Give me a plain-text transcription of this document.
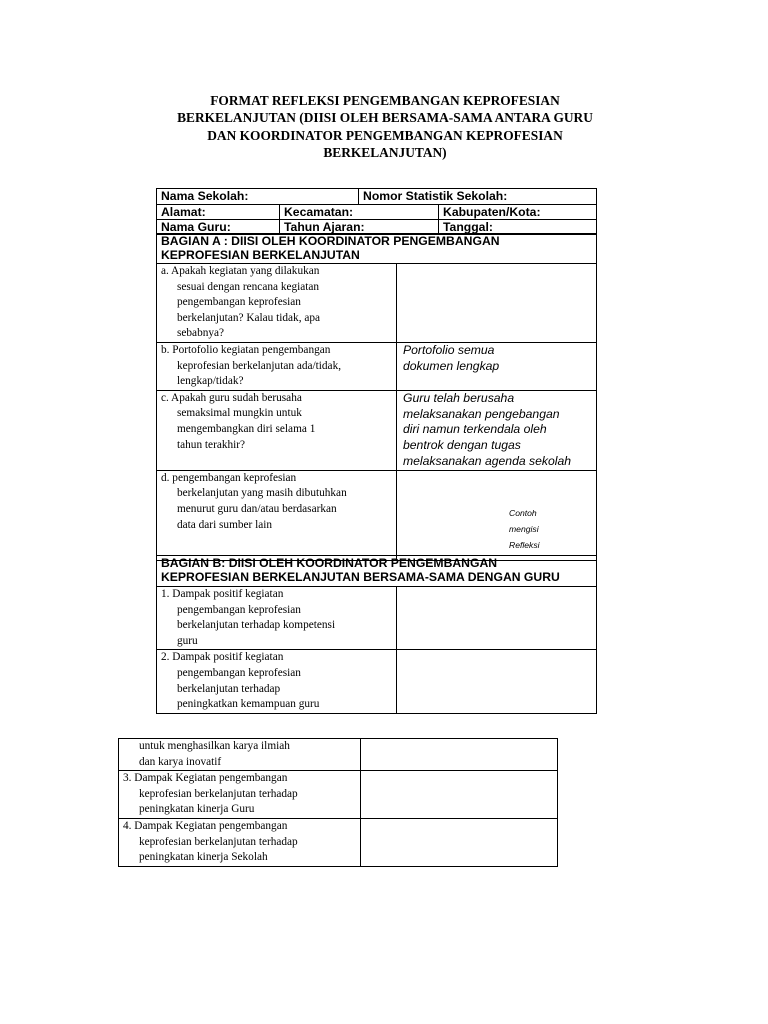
FORMAT REFLEKSI PENGEMBANGAN KEPROFESIAN
BERKELANJUTAN (DIISI OLEH BERSAMA-SAMA ANTARA GURU
DAN KOORDINATOR PENGEMBANGAN KEPROFESIAN
BERKELANJUTAN)
Nama Sekolah:		Nomor Statistik Sekolah:	
Alamat:	Kecamatan:		Kabupaten/Kota:
Nama Guru:	Tahun Ajaran:		Tanggal:
BAGIAN A : DIISI OLEH KOORDINATOR PENGEMBANGAN
KEPROFESIAN BERKELANJUTAN	

a. Apakah kegiatan yang dilakukan
sesuai dengan rencana kegiatan
pengembangan keprofesian
berkelanjutan? Kalau tidak, apa
sebabnya?	

b. Portofolio kegiatan pengembangan
keprofesian berkelanjutan ada/tidak,
lengkap/tidak?	Portofolio semua
dokumen lengkap

c. Apakah guru sudah berusaha
semaksimal mungkin untuk
mengembangkan diri selama 1
tahun terakhir?	Guru telah berusaha
melaksanakan pengebangan
diri namun terkendala oleh
bentrok dengan tugas
melaksanakan agenda sekolah

d. pengembangan keprofesian
berkelanjutan yang masih dibutuhkan
menurut guru dan/atau berdasarkan
data dari sumber lain	

Contoh
mengisi
Refleksi
BAGIAN B: DIISI OLEH KOORDINATOR PENGEMBANGAN
KEPROFESIAN BERKELANJUTAN BERSAMA-SAMA DENGAN GURU	

1. Dampak positif kegiatan
pengembangan keprofesian
berkelanjutan terhadap kompetensi
guru	

2. Dampak positif kegiatan
pengembangan keprofesian
berkelanjutan terhadap
peningkatkan kemampuan guru	

untuk menghasilkan karya ilmiah
dan karya inovatif	

3. Dampak Kegiatan pengembangan
keprofesian berkelanjutan terhadap
peningkatan kinerja Guru	

4. Dampak Kegiatan pengembangan
keprofesian berkelanjutan terhadap
peningkatan kinerja Sekolah	
